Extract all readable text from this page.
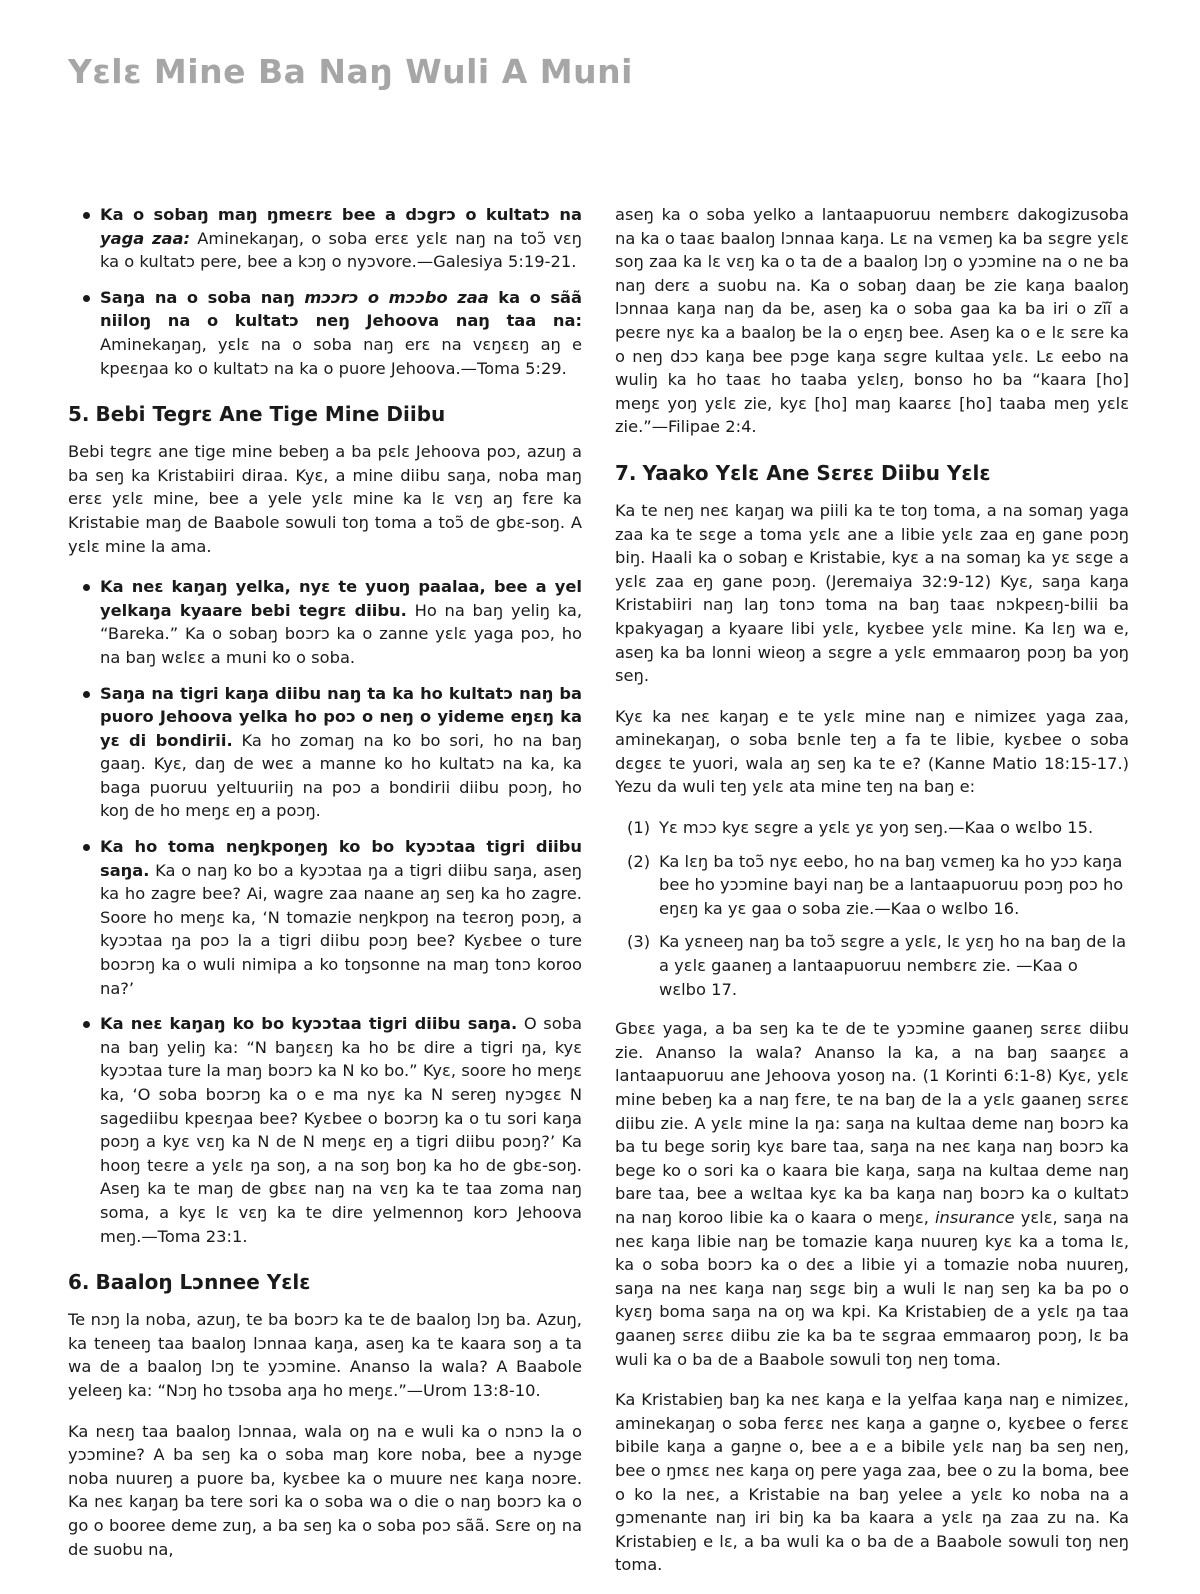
Yɛlɛ Mine Ba Naŋ Wuli A Muni
Ka o sobaŋ maŋ ŋmeɛrɛ bee a dɔgrɔ o kultatɔ na yaga zaa: Aminekaŋaŋ, o soba erɛɛ yɛlɛ naŋ na toɔ̃ vɛŋ ka o kultatɔ pere, bee a kɔŋ o nyɔvore.—Galesiya 5:19-21.
Saŋa na o soba naŋ mɔɔrɔ o mɔɔbo zaa ka o sãã niiloŋ na o kultatɔ neŋ Jehoova naŋ taa na: Aminekaŋaŋ, yɛlɛ na o soba naŋ erɛ na vɛŋɛɛŋ aŋ e kpeɛŋaa ko o kultatɔ na ka o puore Jehoova.—Toma 5:29.
5. Bebi Tegrɛ Ane Tige Mine Diibu

Bebi tegrɛ ane tige mine bebeŋ a ba pɛlɛ Jehoova poɔ, azuŋ a ba seŋ ka Kristabiiri diraa. Kyɛ, a mine diibu saŋa, noba maŋ erɛɛ yɛlɛ mine, bee a yele yɛlɛ mine ka lɛ vɛŋ aŋ fɛre ka Kristabie maŋ de Baabole sowuli toŋ toma a toɔ̃ de gbɛ-soŋ. A yɛlɛ mine la ama.

Ka neɛ kaŋaŋ yelka, nyɛ te yuoŋ paalaa, bee a yel yelkaŋa kyaare bebi tegrɛ diibu. Ho na baŋ yeliŋ ka, “Bareka.” Ka o sobaŋ boɔrɔ ka o zanne yɛlɛ yaga poɔ, ho na baŋ wɛlɛɛ a muni ko o soba.
Saŋa na tigri kaŋa diibu naŋ ta ka ho kultatɔ naŋ ba puoro Jehoova yelka ho poɔ o neŋ o yideme eŋɛŋ ka yɛ di bondirii. Ka ho zomaŋ na ko bo sori, ho na baŋ gaaŋ. Kyɛ, daŋ de weɛ a manne ko ho kultatɔ na ka, ka baga puoruu yeltuuriiŋ na poɔ a bondirii diibu poɔŋ, ho koŋ de ho meŋɛ eŋ a poɔŋ.
Ka ho toma neŋkpoŋeŋ ko bo kyɔɔtaa tigri diibu saŋa. Ka o naŋ ko bo a kyɔɔtaa ŋa a tigri diibu saŋa, aseŋ ka ho zagre bee? Ai, wagre zaa naane aŋ seŋ ka ho zagre. Soore ho meŋɛ ka, ‘N tomazie neŋkpoŋ na teɛroŋ poɔŋ, a kyɔɔtaa ŋa poɔ la a tigri diibu poɔŋ bee? Kyɛbee o ture boɔrɔŋ ka o wuli nimipa a ko toŋsonne na maŋ tonɔ koroo na?’
Ka neɛ kaŋaŋ ko bo kyɔɔtaa tigri diibu saŋa. O soba na baŋ yeliŋ ka: “N baŋɛɛŋ ka ho bɛ dire a tigri ŋa, kyɛ kyɔɔtaa ture la maŋ boɔrɔ ka N ko bo.” Kyɛ, soore ho meŋɛ ka, ‘O soba boɔrɔŋ ka o e ma nyɛ ka N sereŋ nyɔgɛɛ N sagediibu kpeɛŋaa bee? Kyɛbee o boɔrɔŋ ka o tu sori kaŋa poɔŋ a kyɛ vɛŋ ka N de N meŋɛ eŋ a tigri diibu poɔŋ?’ Ka hooŋ teɛre a yɛlɛ ŋa soŋ, a na soŋ boŋ ka ho de gbɛ-soŋ. Aseŋ ka te maŋ de gbɛɛ naŋ na vɛŋ ka te taa zoma naŋ soma, a kyɛ lɛ vɛŋ ka te dire yelmennoŋ korɔ Jehoova meŋ.—Toma 23:1.
6. Baaloŋ Lɔnnee Yɛlɛ

Te nɔŋ la noba, azuŋ, te ba boɔrɔ ka te de baaloŋ lɔŋ ba. Azuŋ, ka teneeŋ taa baaloŋ lɔnnaa kaŋa, aseŋ ka te kaara soŋ a ta wa de a baaloŋ lɔŋ te yɔɔmine. Ananso la wala? A Baabole yeleeŋ ka: “Nɔŋ ho tɔsoba aŋa ho meŋɛ.”—Urom 13:8-10.

Ka neɛŋ taa baaloŋ lɔnnaa, wala oŋ na e wuli ka o nɔnɔ la o yɔɔmine? A ba seŋ ka o soba maŋ kore noba, bee a nyɔge noba nuureŋ a puore ba, kyɛbee ka o muure neɛ kaŋa noɔre. Ka neɛ kaŋaŋ ba tere sori ka o soba wa o die o naŋ boɔrɔ ka o go o booree deme zuŋ, a ba seŋ ka o soba poɔ sãã. Sɛre oŋ na de suobu na,

aseŋ ka o soba yelko a lantaapuoruu nembɛrɛ dakogizusoba na ka o taaɛ baaloŋ lɔnnaa kaŋa. Lɛ na vɛmeŋ ka ba sɛgre yɛlɛ soŋ zaa ka lɛ vɛŋ ka o ta de a baaloŋ lɔŋ o yɔɔmine na o ne ba naŋ derɛ a suobu na. Ka o sobaŋ daaŋ be zie kaŋa baaloŋ lɔnnaa kaŋa naŋ da be, aseŋ ka o soba gaa ka ba iri o zĩĩ a peɛre nyɛ ka a baaloŋ be la o eŋɛŋ bee. Aseŋ ka o e lɛ sɛre ka o neŋ dɔɔ kaŋa bee pɔge kaŋa sɛgre kultaa yɛlɛ. Lɛ eebo na wuliŋ ka ho taaɛ ho taaba yɛlɛŋ, bonso ho ba “kaara [ho] meŋɛ yoŋ yɛlɛ zie, kyɛ [ho] maŋ kaarɛɛ [ho] taaba meŋ yɛlɛ zie.”—Filipae 2:4.

7. Yaako Yɛlɛ Ane Sɛrɛɛ Diibu Yɛlɛ

Ka te neŋ neɛ kaŋaŋ wa piili ka te toŋ toma, a na somaŋ yaga zaa ka te sɛge a toma yɛlɛ ane a libie yɛlɛ zaa eŋ gane poɔŋ biŋ. Haali ka o sobaŋ e Kristabie, kyɛ a na somaŋ ka yɛ sɛge a yɛlɛ zaa eŋ gane poɔŋ. (Jeremaiya 32:9-12) Kyɛ, saŋa kaŋa Kristabiiri naŋ laŋ tonɔ toma na baŋ taaɛ nɔkpeɛŋ-bilii ba kpakyagaŋ a kyaare libi yɛlɛ, kyɛbee yɛlɛ mine. Ka lɛŋ wa e, aseŋ ka ba lonni wieoŋ a sɛgre a yɛlɛ emmaaroŋ poɔŋ ba yoŋ seŋ.

Kyɛ ka neɛ kaŋaŋ e te yɛlɛ mine naŋ e nimizeɛ yaga zaa, aminekaŋaŋ, o soba bɛnle teŋ a fa te libie, kyɛbee o soba dɛgɛɛ te yuori, wala aŋ seŋ ka te e? (Kanne Matio 18:15-17.) Yezu da wuli teŋ yɛlɛ ata mine teŋ na baŋ e:

(1) Yɛ mɔɔ kyɛ sɛgre a yɛlɛ yɛ yoŋ seŋ.—Kaa o wɛlbo 15.
(2) Ka lɛŋ ba toɔ̃ nyɛ eebo, ho na baŋ vɛmeŋ ka ho yɔɔ kaŋa bee ho yɔɔmine bayi naŋ be a lantaapuoruu poɔŋ poɔ ho eŋɛŋ ka yɛ gaa o soba zie.—Kaa o wɛlbo 16.
(3) Ka yɛneeŋ naŋ ba toɔ̃ sɛgre a yɛlɛ, lɛ yɛŋ ho na baŋ de la a yɛlɛ gaaneŋ a lantaapuoruu nembɛrɛ zie. —Kaa o wɛlbo 17.

Gbɛɛ yaga, a ba seŋ ka te de te yɔɔmine gaaneŋ sɛrɛɛ diibu zie. Ananso la wala? Ananso la ka, a na baŋ saaŋɛɛ a lantaapuoruu ane Jehoova yosoŋ na. (1 Korinti 6:1-8) Kyɛ, yɛlɛ mine bebeŋ ka a naŋ fɛre, te na baŋ de la a yɛlɛ gaaneŋ sɛrɛɛ diibu zie. A yɛlɛ mine la ŋa: saŋa na kultaa deme naŋ boɔrɔ ka ba tu bege soriŋ kyɛ bare taa, saŋa na neɛ kaŋa naŋ boɔrɔ ka bege ko o sori ka o kaara bie kaŋa, saŋa na kultaa deme naŋ bare taa, bee a wɛltaa kyɛ ka ba kaŋa naŋ boɔrɔ ka o kultatɔ na naŋ koroo libie ka o kaara o meŋɛ, insurance yɛlɛ, saŋa na neɛ kaŋa libie naŋ be tomazie kaŋa nuureŋ kyɛ ka a toma lɛ, ka o soba boɔrɔ ka o deɛ a libie yi a tomazie noba nuureŋ, saŋa na neɛ kaŋa naŋ sɛgɛ biŋ a wuli lɛ naŋ seŋ ka ba po o kyɛŋ boma saŋa na oŋ wa kpi. Ka Kristabieŋ de a yɛlɛ ŋa taa gaaneŋ sɛrɛɛ diibu zie ka ba te sɛgraa emmaaroŋ poɔŋ, lɛ ba wuli ka o ba de a Baabole sowuli toŋ neŋ toma.

Ka Kristabieŋ baŋ ka neɛ kaŋa e la yelfaa kaŋa naŋ e nimizeɛ, aminekaŋaŋ o soba ferɛɛ neɛ kaŋa a gaŋne o, kyɛbee o ferɛɛ bibile kaŋa a gaŋne o, bee a e a bibile yɛlɛ naŋ ba seŋ neŋ, bee o ŋmɛɛ neɛ kaŋa oŋ pere yaga zaa, bee o zu la boma, bee o ko la neɛ, a Kristabie na baŋ yelee a yɛlɛ ko noba na a gɔmenante naŋ iri biŋ ka ba kaara a yɛlɛ ŋa zaa zu na. Ka Kristabieŋ e lɛ, a ba wuli ka o ba de a Baabole sowuli toŋ neŋ toma.
